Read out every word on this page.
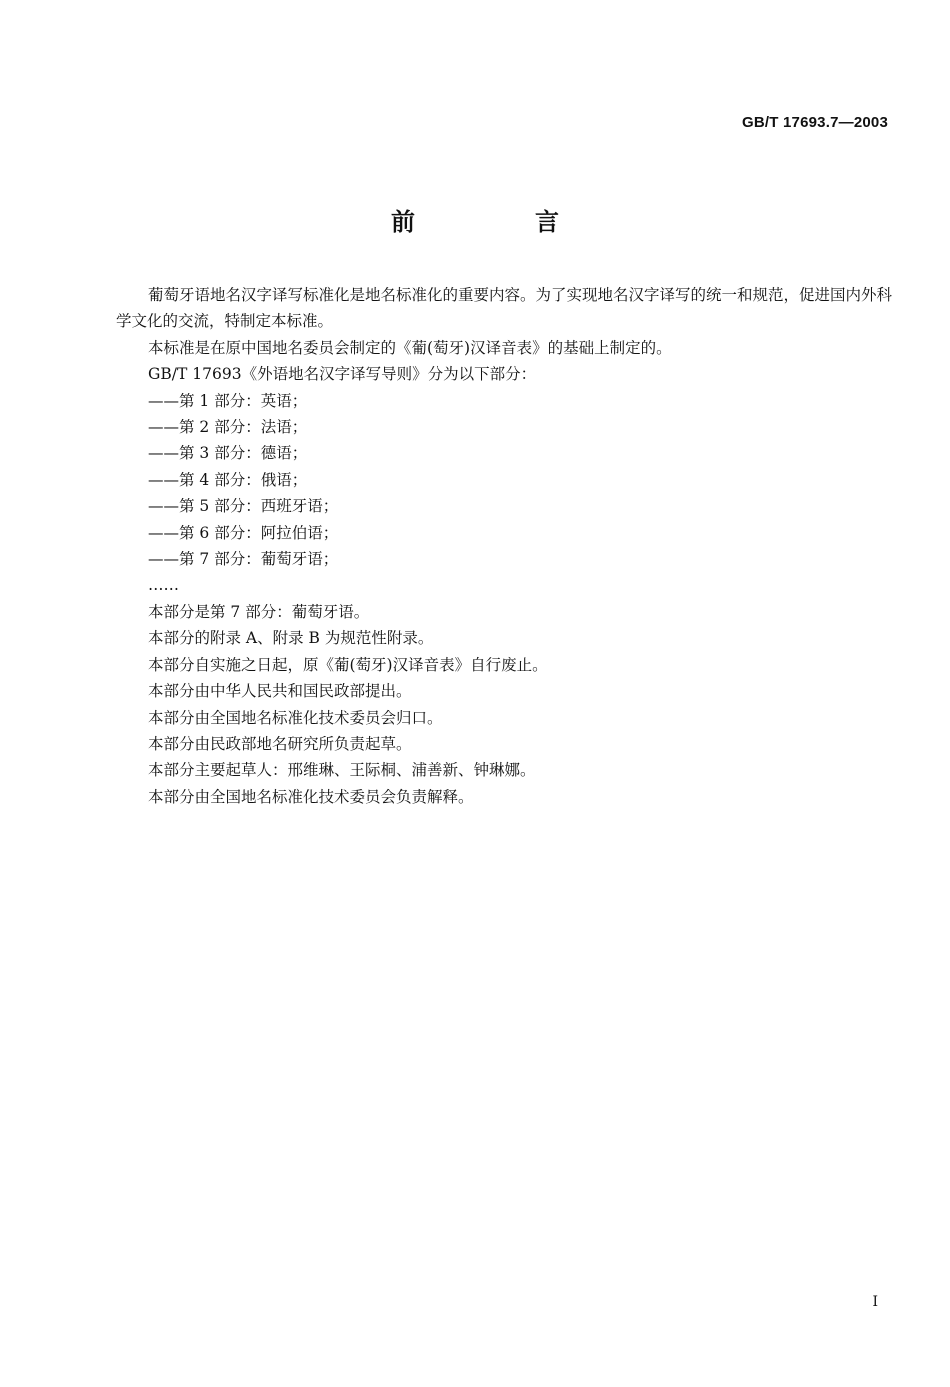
GB/T 17693.7—2003
前　言

葡萄牙语地名汉字译写标准化是地名标准化的重要内容。为了实现地名汉字译写的统一和规范，促进国内外科学文化的交流，特制定本标准。

本标准是在原中国地名委员会制定的《葡(萄牙)汉译音表》的基础上制定的。

GB/T 17693《外语地名汉字译写导则》分为以下部分：

——第 1 部分：英语；

——第 2 部分：法语；

——第 3 部分：德语；

——第 4 部分：俄语；

——第 5 部分：西班牙语；

——第 6 部分：阿拉伯语；

——第 7 部分：葡萄牙语；

……

本部分是第 7 部分：葡萄牙语。

本部分的附录 A、附录 B 为规范性附录。

本部分自实施之日起，原《葡(萄牙)汉译音表》自行废止。

本部分由中华人民共和国民政部提出。

本部分由全国地名标准化技术委员会归口。

本部分由民政部地名研究所负责起草。

本部分主要起草人：邢维琳、王际桐、浦善新、钟琳娜。

本部分由全国地名标准化技术委员会负责解释。

I
